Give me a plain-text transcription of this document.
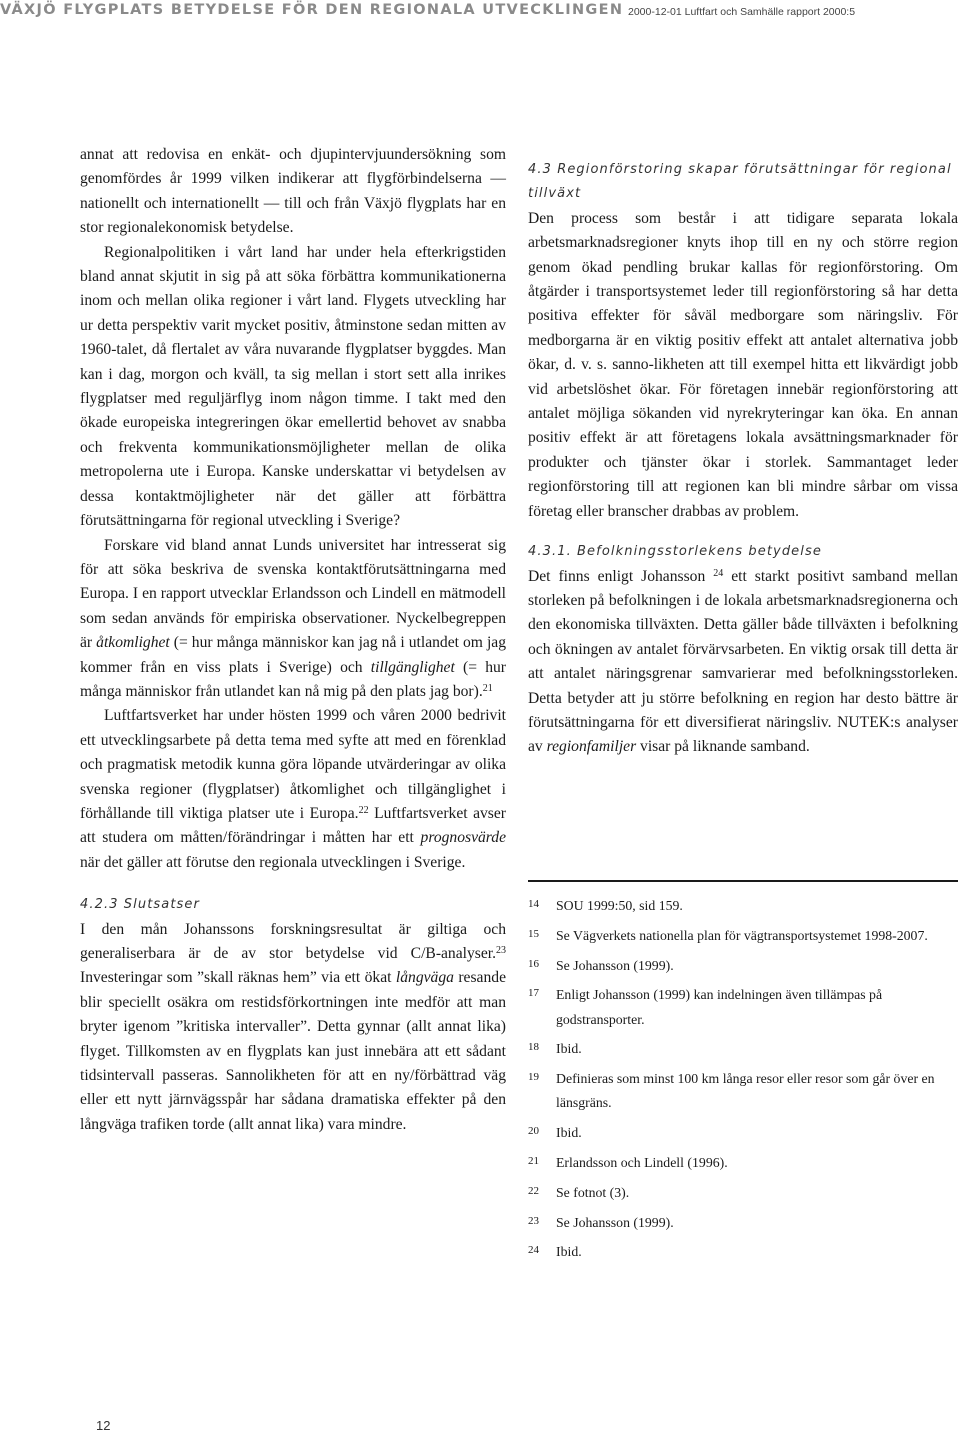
VÄXJÖ FLYGPLATS BETYDELSE FÖR DEN REGIONALA UTVECKLINGEN 2000-12-01 Luftfart och Samhälle rapport 2000:5

annat att redovisa en enkät- och djupintervjuundersökning som genomfördes år 1999 vilken indikerar att flygförbindelserna — nationellt och internationellt — till och från Växjö flygplats har en stor regionalekonomisk betydelse.

Regionalpolitiken i vårt land har under hela efterkrigstiden bland annat skjutit in sig på att söka förbättra kommunikationerna inom och mellan olika regioner i vårt land. Flygets utveckling har ur detta perspektiv varit mycket positiv, åtminstone sedan mitten av 1960-talet, då flertalet av våra nuvarande flygplatser byggdes. Man kan i dag, morgon och kväll, ta sig mellan i stort sett alla inrikes flygplatser med reguljärflyg inom någon timme. I takt med den ökade europeiska integreringen ökar emellertid behovet av snabba och frekventa kommunikationsmöjligheter mellan de olika metropolerna ute i Europa. Kanske underskattar vi betydelsen av dessa kontaktmöjligheter när det gäller att förbättra förutsättningarna för regional utveckling i Sverige?

Forskare vid bland annat Lunds universitet har intresserat sig för att söka beskriva de svenska kontaktförutsättningarna med Europa. I en rapport utvecklar Erlandsson och Lindell en mätmodell som sedan används för empiriska observationer. Nyckelbegreppen är åtkomlighet (= hur många människor kan jag nå i utlandet om jag kommer från en viss plats i Sverige) och tillgänglighet (= hur många människor från utlandet kan nå mig på den plats jag bor).$^{21}$

Luftfartsverket har under hösten 1999 och våren 2000 bedrivit ett utvecklingsarbete på detta tema med syfte att med en förenklad och pragmatisk metodik kunna göra löpande utvärderingar av olika svenska regioner (flygplatser) åtkomlighet och tillgänglighet i förhållande till viktiga platser ute i Europa.$^{22}$ Luftfartsverket avser att studera om måtten/förändringar i måtten har ett prognosvärde när det gäller att förutse den regionala utvecklingen i Sverige.

4.2.3 Slutsatser

I den mån Johanssons forskningsresultat är giltiga och generaliserbara är de av stor betydelse vid C/B-analyser.$^{23}$ Investeringar som ”skall räknas hem” via ett ökat långväga resande blir speciellt osäkra om restidsförkortningen inte medför att man bryter igenom ”kritiska intervaller”. Detta gynnar (allt annat lika) flyget. Tillkomsten av en flygplats kan just innebära att ett sådant tidsintervall passeras. Sannolikheten för att en ny/förbättrad väg eller ett nytt järnvägsspår har sådana dramatiska effekter på den långväga trafiken torde (allt annat lika) vara mindre.

4.3 Regionförstoring skapar förutsättningar för regional tillväxt

Den process som består i att tidigare separata lokala arbetsmarknadsregioner knyts ihop till en ny och större region genom ökad pendling brukar kallas för regionförstoring. Om åtgärder i transportsystemet leder till regionförstoring så har detta positiva effekter för såväl medborgare som näringsliv. För medborgarna är en viktig positiv effekt att antalet alternativa jobb ökar, d. v. s. sanno-likheten att till exempel hitta ett likvärdigt jobb vid arbetslöshet ökar. För företagen innebär regionförstoring att antalet möjliga sökanden vid nyrekryteringar kan öka. En annan positiv effekt är att företagens lokala avsättningsmarknader för produkter och tjänster ökar i storlek. Sammantaget leder regionförstoring till att regionen kan bli mindre sårbar om vissa företag eller branscher drabbas av problem.

4.3.1. Befolkningsstorlekens betydelse

Det finns enligt Johansson $^{24}$ ett starkt positivt samband mellan storleken på befolkningen i de lokala arbetsmarknadsregionerna och den ekonomiska tillväxten. Detta gäller både tillväxten i befolkning och ökningen av antalet förvärvsarbeten. En viktig orsak till detta är att antalet näringsgrenar samvarierar med befolkningsstorleken. Detta betyder att ju större befolkning en region har desto bättre är förutsättningarna för ett diversifierat näringsliv. NUTEK:s analyser av regionfamiljer visar på liknande samband.

14	SOU 1999:50, sid 159.
15	Se Vägverkets nationella plan för vägtransportsystemet 1998-2007.
16	Se Johansson (1999).
17	Enligt Johansson (1999) kan indelningen även tillämpas på godstransporter.
18	Ibid.
19	Definieras som minst 100 km långa resor eller resor som går över en länsgräns.
20	Ibid.
21	Erlandsson och Lindell (1996).
22	Se fotnot (3).
23	Se Johansson (1999).
24	Ibid.
12
